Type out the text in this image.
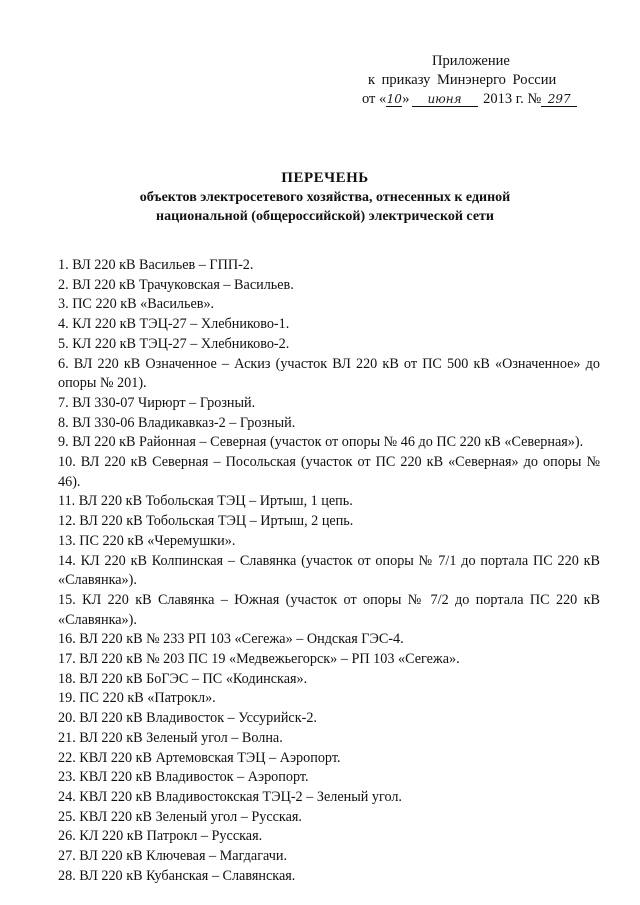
Приложение
к приказу Минэнерго России
от «10» июня 2013 г. № 297
ПЕРЕЧЕНЬ
объектов электросетевого хозяйства, отнесенных к единой
национальной (общероссийской) электрической сети
1. ВЛ 220 кВ Васильев – ГПП-2.
2. ВЛ 220 кВ Трачуковская – Васильев.
3. ПС 220 кВ «Васильев».
4. КЛ 220 кВ ТЭЦ-27 – Хлебниково-1.
5. КЛ 220 кВ ТЭЦ-27 – Хлебниково-2.
6. ВЛ 220 кВ Означенное – Аскиз (участок ВЛ 220 кВ от ПС 500 кВ «Означенное» до опоры № 201).
7. ВЛ 330-07 Чирюрт – Грозный.
8. ВЛ 330-06 Владикавказ-2 – Грозный.
9. ВЛ 220 кВ Районная – Северная (участок от опоры № 46 до ПС 220 кВ «Северная»).
10. ВЛ 220 кВ Северная – Посольская (участок от ПС 220 кВ «Северная» до опоры № 46).
11. ВЛ 220 кВ Тобольская ТЭЦ – Иртыш, 1 цепь.
12. ВЛ 220 кВ Тобольская ТЭЦ – Иртыш, 2 цепь.
13. ПС 220 кВ «Черемушки».
14. КЛ 220 кВ Колпинская – Славянка (участок от опоры № 7/1 до портала ПС 220 кВ «Славянка»).
15. КЛ 220 кВ Славянка – Южная (участок от опоры № 7/2 до портала ПС 220 кВ «Славянка»).
16. ВЛ 220 кВ № 233 РП 103 «Сегежа» – Ондская ГЭС-4.
17. ВЛ 220 кВ № 203 ПС 19 «Медвежьегорск» – РП 103 «Сегежа».
18. ВЛ 220 кВ БоГЭС – ПС «Кодинская».
19. ПС 220 кВ «Патрокл».
20. ВЛ 220 кВ Владивосток – Уссурийск-2.
21. ВЛ 220 кВ Зеленый угол – Волна.
22. КВЛ 220 кВ Артемовская ТЭЦ – Аэропорт.
23. КВЛ 220 кВ Владивосток – Аэропорт.
24. КВЛ 220 кВ Владивостокская ТЭЦ-2 – Зеленый угол.
25. КВЛ 220 кВ Зеленый угол – Русская.
26. КЛ 220 кВ Патрокл – Русская.
27. ВЛ 220 кВ Ключевая – Магдагачи.
28. ВЛ 220 кВ Кубанская – Славянская.
